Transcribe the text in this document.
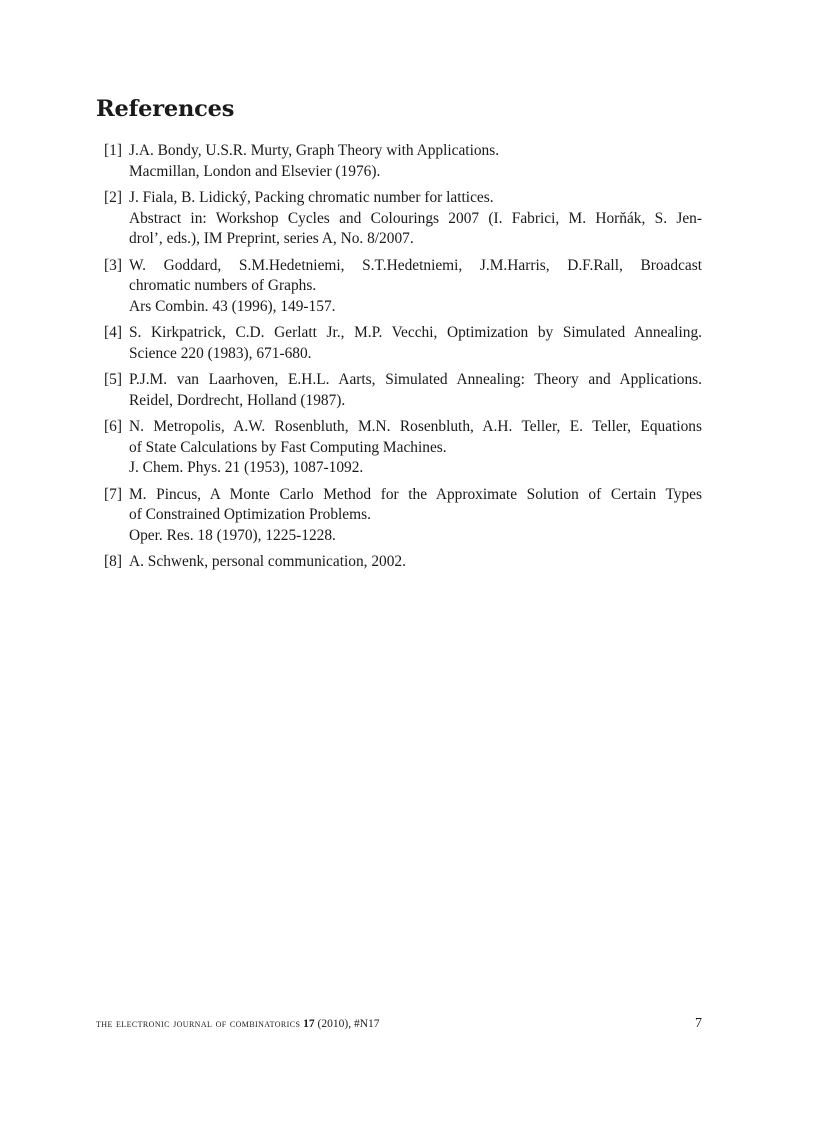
References
[1] J.A. Bondy, U.S.R. Murty, Graph Theory with Applications.
Macmillan, London and Elsevier (1976).
[2] J. Fiala, B. Lidický, Packing chromatic number for lattices.
Abstract in: Workshop Cycles and Colourings 2007 (I. Fabrici, M. Horňák, S. Jen-
drol’, eds.), IM Preprint, series A, No. 8/2007.
[3] W. Goddard, S.M.Hedetniemi, S.T.Hedetniemi, J.M.Harris, D.F.Rall, Broadcast
chromatic numbers of Graphs.
Ars Combin. 43 (1996), 149-157.
[4] S. Kirkpatrick, C.D. Gerlatt Jr., M.P. Vecchi, Optimization by Simulated Annealing.
Science 220 (1983), 671-680.
[5] P.J.M. van Laarhoven, E.H.L. Aarts, Simulated Annealing: Theory and Applications.
Reidel, Dordrecht, Holland (1987).
[6] N. Metropolis, A.W. Rosenbluth, M.N. Rosenbluth, A.H. Teller, E. Teller, Equations
of State Calculations by Fast Computing Machines.
J. Chem. Phys. 21 (1953), 1087-1092.
[7] M. Pincus, A Monte Carlo Method for the Approximate Solution of Certain Types
of Constrained Optimization Problems.
Oper. Res. 18 (1970), 1225-1228.
[8] A. Schwenk, personal communication, 2002.
the electronic journal of combinatorics 17 (2010), #N17	7
